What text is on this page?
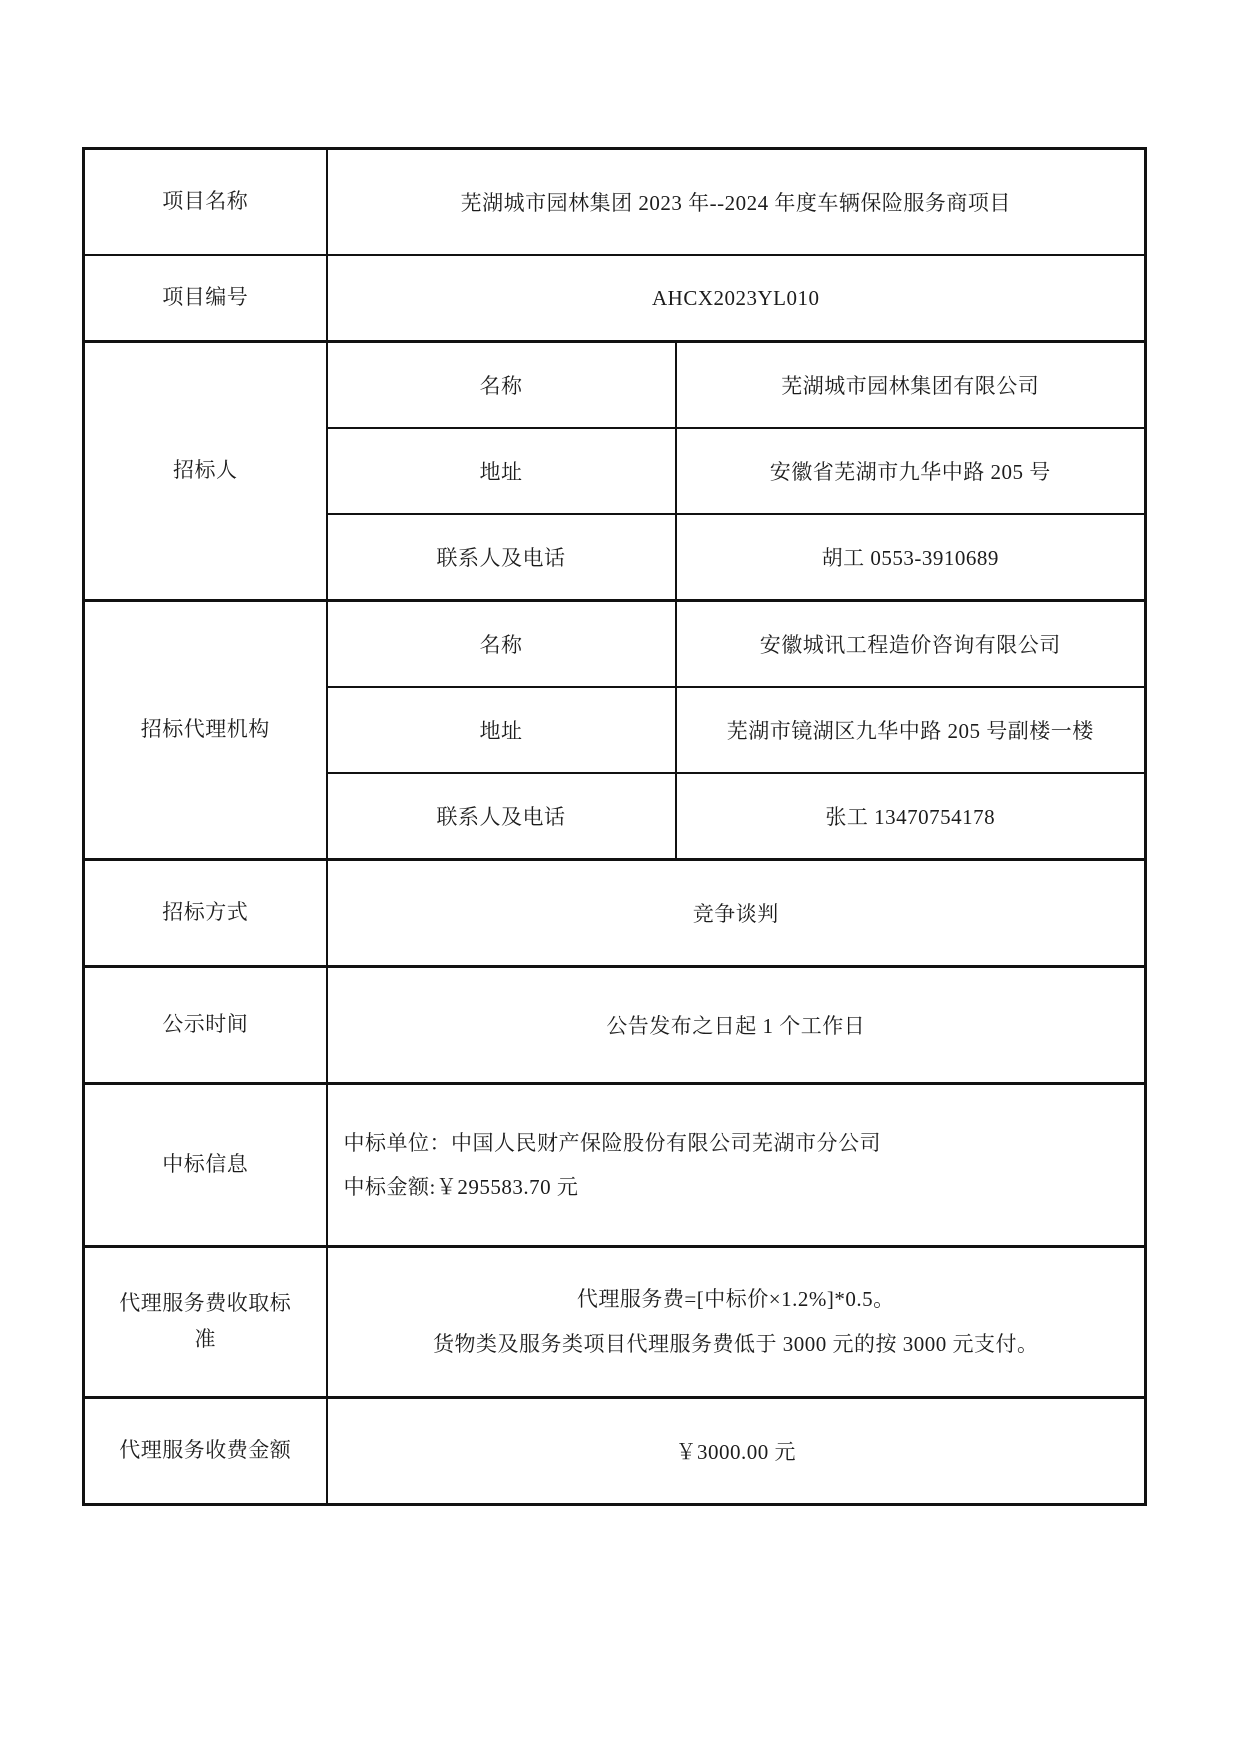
项目名称	芜湖城市园林集团 2023 年--2024 年度车辆保险服务商项目	
项目编号	AHCX2023YL010	
招标人	名称	芜湖城市园林集团有限公司
	地址	安徽省芜湖市九华中路 205 号
	联系人及电话	胡工 0553-3910689
招标代理机构	名称	安徽城讯工程造价咨询有限公司
	地址	芜湖市镜湖区九华中路 205 号副楼一楼
	联系人及电话	张工 13470754178
招标方式	竞争谈判	
公示时间	公告发布之日起 1 个工作日	
中标信息	中标单位：中国人民财产保险股份有限公司芜湖市分公司
中标金额:￥295583.70 元	

代理服务费收取标准	代理服务费=[中标价×1.2%]*0.5。
货物类及服务类项目代理服务费低于 3000 元的按 3000 元支付。	

代理服务收费金额	￥3000.00 元	
